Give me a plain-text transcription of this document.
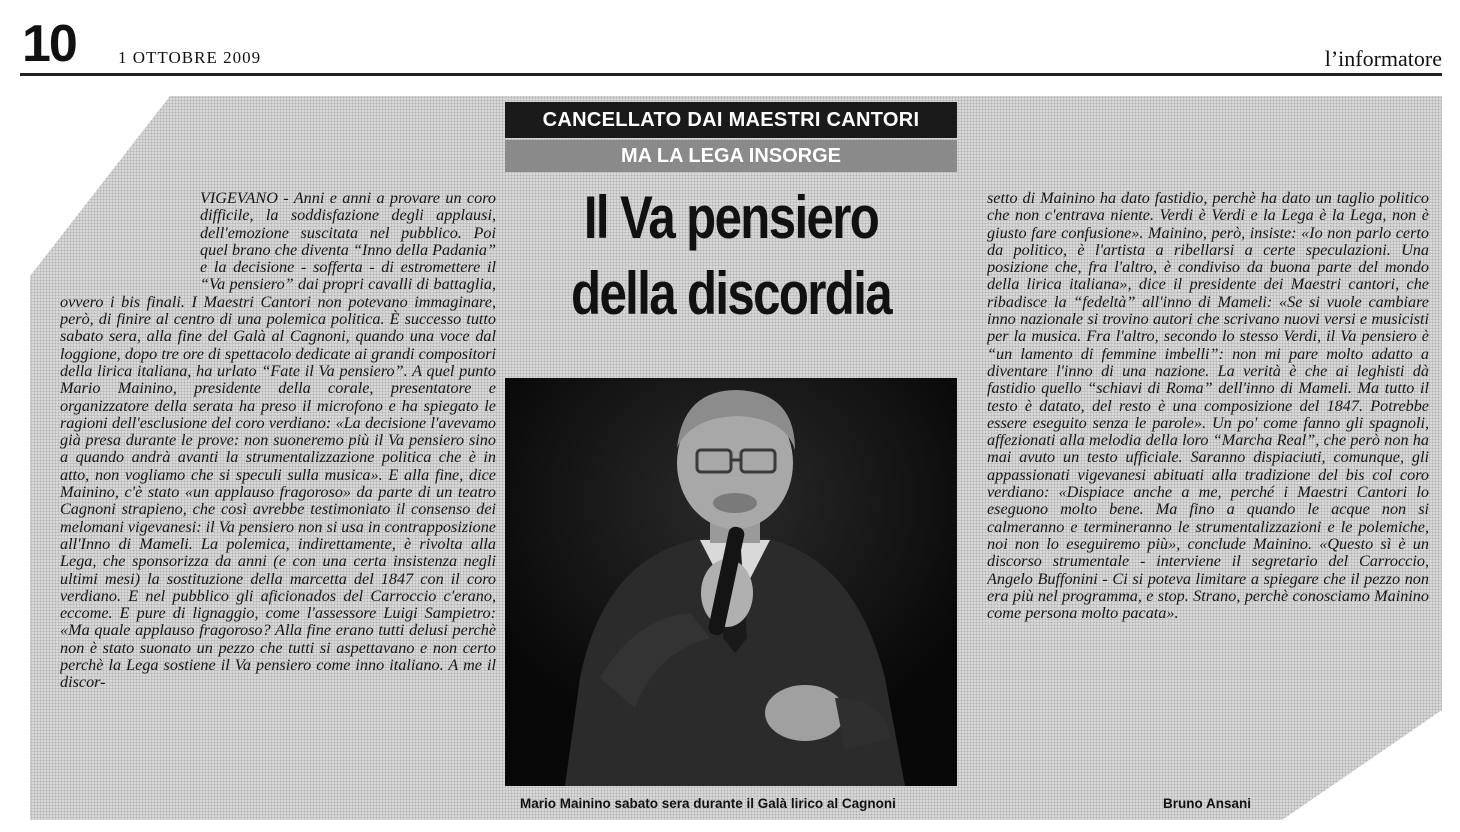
10 1 OTTOBRE 2009	l’informatore
CANCELLATO DAI MAESTRI CANTORI
MA LA LEGA INSORGE
Il Va pensiero
della discordia
VIGEVANO - Anni e anni a provare un coro difficile, la soddisfazione degli applausi, dell'emozione suscitata nel pubblico. Poi quel brano che diventa “Inno della Padania” e la decisione - sofferta - di estromettere il “Va pensiero” dai propri cavalli di battaglia, ovvero i bis finali. I Maestri Cantori non potevano immaginare, però, di finire al centro di una polemica politica. È successo tutto sabato sera, alla fine del Galà al Cagnoni, quando una voce dal loggione, dopo tre ore di spettacolo dedicate ai grandi compositori della lirica italiana, ha urlato “Fate il Va pensiero”. A quel punto Mario Mainino, presidente della corale, presentatore e organizzatore della serata ha preso il microfono e ha spiegato le ragioni dell'esclusione del coro verdiano: «La decisione l'avevamo già presa durante le prove: non suoneremo più il Va pensiero sino a quando andrà avanti la strumentalizzazione politica che è in atto, non vogliamo che si speculi sulla musica». E alla fine, dice Mainino, c'è stato «un applauso fragoroso» da parte di un teatro Cagnoni strapieno, che così avrebbe testimoniato il consenso dei melomani vigevanesi: il Va pensiero non si usa in contrapposizione all'Inno di Mameli. La polemica, indirettamente, è rivolta alla Lega, che sponsorizza da anni (e con una certa insistenza negli ultimi mesi) la sostituzione della marcetta del 1847 con il coro verdiano. E nel pubblico gli aficionados del Carroccio c'erano, eccome. E pure di lignaggio, come l'assessore Luigi Sampietro: «Ma quale applauso fragoroso? Alla fine erano tutti delusi perchè non è stato suonato un pezzo che tutti si aspettavano e non certo perchè la Lega sostiene il Va pensiero come inno italiano. A me il discor-
setto di Mainino ha dato fastidio, perchè ha dato un taglio politico che non c'entrava niente. Verdi è Verdi e la Lega è la Lega, non è giusto fare confusione». Mainino, però, insiste: «Io non parlo certo da politico, è l'artista a ribellarsi a certe speculazioni. Una posizione che, fra l'altro, è condiviso da buona parte del mondo della lirica italiana», dice il presidente dei Maestri cantori, che ribadisce la “fedeltà” all'inno di Mameli: «Se si vuole cambiare inno nazionale si trovino autori che scrivano nuovi versi e musicisti per la musica. Fra l'altro, secondo lo stesso Verdi, il Va pensiero è “un lamento di femmine imbelli”: non mi pare molto adatto a diventare l'inno di una nazione. La verità è che ai leghisti dà fastidio quello “schiavi di Roma” dell'inno di Mameli. Ma tutto il testo è datato, del resto è una composizione del 1847. Potrebbe essere eseguito senza le parole». Un po' come fanno gli spagnoli, affezionati alla melodia della loro “Marcha Real”, che però non ha mai avuto un testo ufficiale. Saranno dispiaciuti, comunque, gli appassionati vigevanesi abituati alla tradizione del bis col coro verdiano: «Dispiace anche a me, perché i Maestri Cantori lo eseguono molto bene. Ma fino a quando le acque non si calmeranno e termineranno le strumentalizzazioni e le polemiche, noi non lo eseguiremo più», conclude Mainino. «Questo sì è un discorso strumentale - interviene il segretario del Carroccio, Angelo Buffonini - Ci si poteva limitare a spiegare che il pezzo non era più nel programma, e stop. Strano, perchè conosciamo Mainino come persona molto pacata».
Mario Mainino sabato sera durante il Galà lirico al Cagnoni	Bruno Ansani
